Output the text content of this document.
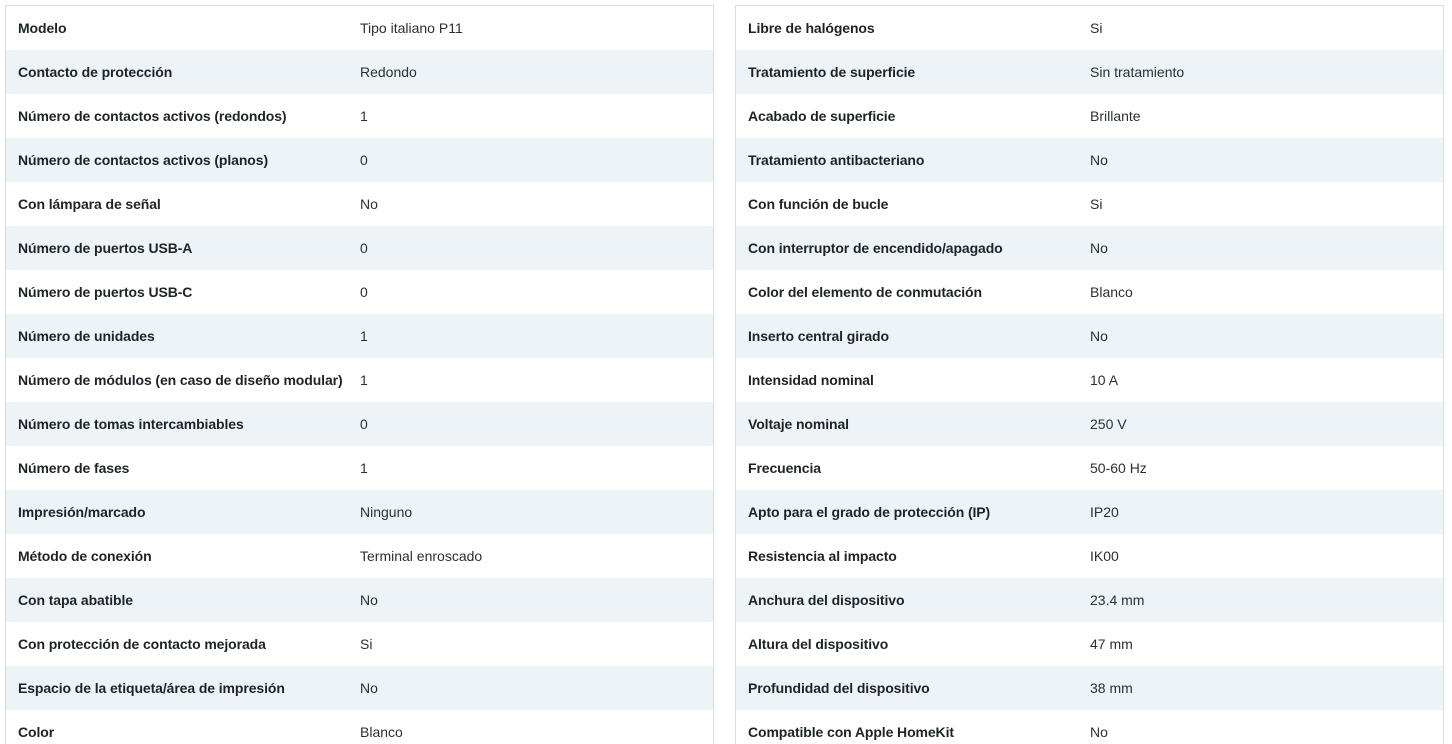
Modelo	Tipo italiano P11
Contacto de protección	Redondo
Número de contactos activos (redondos)	1
Número de contactos activos (planos)	0
Con lámpara de señal	No
Número de puertos USB-A	0
Número de puertos USB-C	0
Número de unidades	1
Número de módulos (en caso de diseño modular)	1
Número de tomas intercambiables	0
Número de fases	1
Impresión/marcado	Ninguno
Método de conexión	Terminal enroscado
Con tapa abatible	No
Con protección de contacto mejorada	Si
Espacio de la etiqueta/área de impresión	No
Color	Blanco
Libre de halógenos	Si
Tratamiento de superficie	Sin tratamiento
Acabado de superficie	Brillante
Tratamiento antibacteriano	No
Con función de bucle	Si
Con interruptor de encendido/apagado	No
Color del elemento de conmutación	Blanco
Inserto central girado	No
Intensidad nominal	10 A
Voltaje nominal	250 V
Frecuencia	50-60 Hz
Apto para el grado de protección (IP)	IP20
Resistencia al impacto	IK00
Anchura del dispositivo	23.4 mm
Altura del dispositivo	47 mm
Profundidad del dispositivo	38 mm
Compatible con Apple HomeKit	No
